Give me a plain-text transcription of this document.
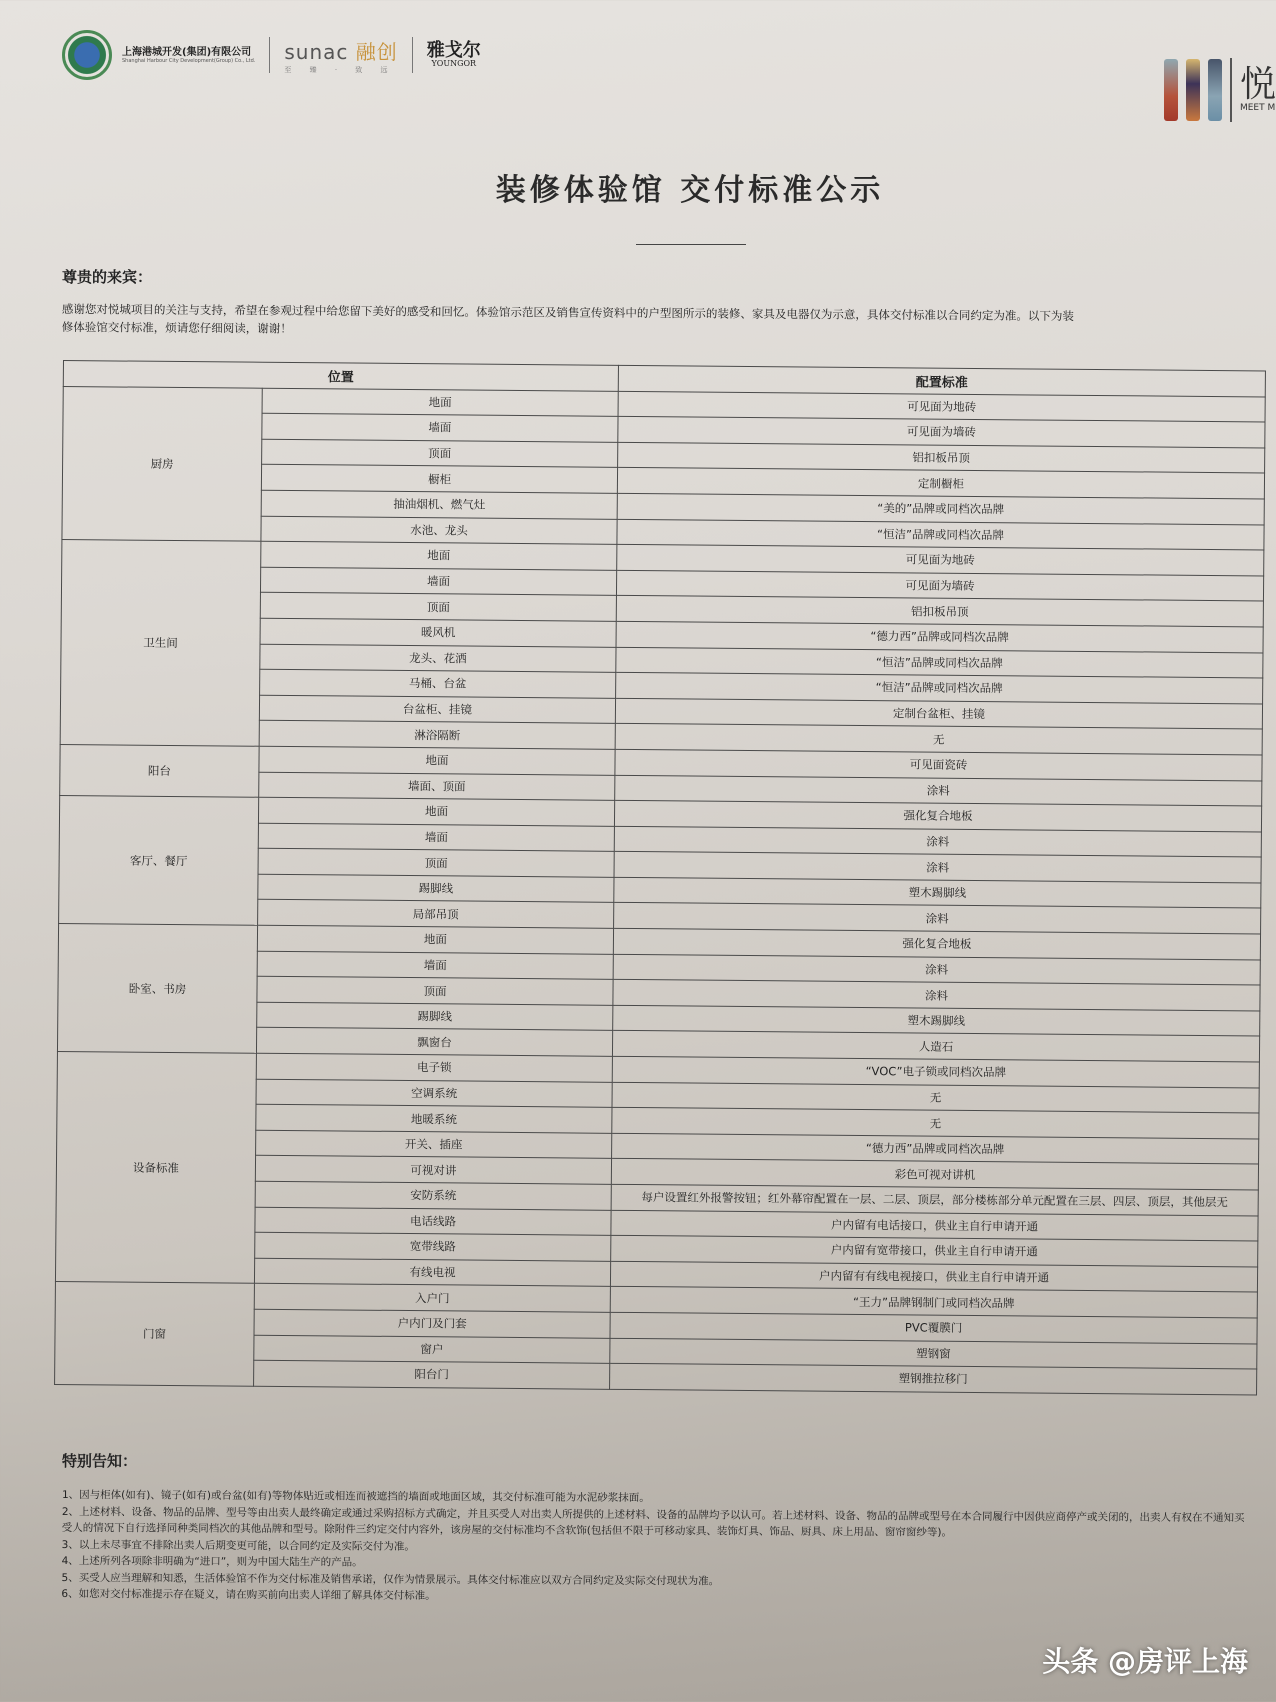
上海港城开发(集团)有限公司
Shanghai Harbour City Development(Group) Co., Ltd. sunac 融创
至 臻 · 致 远
雅戈尔
YOUNGOR
悦
MEET M
装修体验馆 交付标准公示
尊贵的来宾：
感谢您对悦城项目的关注与支持，希望在参观过程中给您留下美好的感受和回忆。体验馆示范区及销售宣传资料中的户型图所示的装修、家具及电器仅为示意，具体交付标准以合同约定为准。以下为装修体验馆交付标准，烦请您仔细阅读，谢谢！
位置		配置标准
厨房	地面	可见面为地砖
	墙面	可见面为墙砖
	顶面	铝扣板吊顶
	橱柜	定制橱柜
	抽油烟机、燃气灶	“美的”品牌或同档次品牌
	水池、龙头	“恒洁”品牌或同档次品牌
卫生间	地面	可见面为地砖
	墙面	可见面为墙砖
	顶面	铝扣板吊顶
	暖风机	“德力西”品牌或同档次品牌
	龙头、花洒	“恒洁”品牌或同档次品牌
	马桶、台盆	“恒洁”品牌或同档次品牌
	台盆柜、挂镜	定制台盆柜、挂镜
	淋浴隔断	无
阳台	地面	可见面瓷砖
	墙面、顶面	涂料
客厅、餐厅	地面	强化复合地板
	墙面	涂料
	顶面	涂料
	踢脚线	塑木踢脚线
	局部吊顶	涂料
卧室、书房	地面	强化复合地板
	墙面	涂料
	顶面	涂料
	踢脚线	塑木踢脚线
	飘窗台	人造石
设备标准	电子锁	“VOC”电子锁或同档次品牌
	空调系统	无
	地暖系统	无
	开关、插座	“德力西”品牌或同档次品牌
	可视对讲	彩色可视对讲机
	安防系统	每户设置红外报警按钮；红外幕帘配置在一层、二层、顶层，部分楼栋部分单元配置在三层、四层、顶层，其他层无
	电话线路	户内留有电话接口，供业主自行申请开通
	宽带线路	户内留有宽带接口，供业主自行申请开通
	有线电视	户内留有有线电视接口，供业主自行申请开通
门窗	入户门	“王力”品牌钢制门或同档次品牌
	户内门及门套	PVC覆膜门
	窗户	塑钢窗
	阳台门	塑钢推拉移门
特别告知：
1、因与柜体(如有)、镜子(如有)或台盆(如有)等物体贴近或相连而被遮挡的墙面或地面区域，其交付标准可能为水泥砂浆抹面。
2、上述材料、设备、物品的品牌、型号等由出卖人最终确定或通过采购招标方式确定，并且买受人对出卖人所提供的上述材料、设备的品牌均予以认可。若上述材料、设备、物品的品牌或型号在本合同履行中因供应商停产或关闭的，出卖人有权在不通知买受人的情况下自行选择同种类同档次的其他品牌和型号。除附件三约定交付内容外，该房屋的交付标准均不含软饰(包括但不限于可移动家具、装饰灯具、饰品、厨具、床上用品、窗帘窗纱等)。
3、以上未尽事宜不排除出卖人后期变更可能，以合同约定及实际交付为准。
4、上述所列各项除非明确为“进口”，则为中国大陆生产的产品。
5、买受人应当理解和知悉，生活体验馆不作为交付标准及销售承诺，仅作为情景展示。具体交付标准应以双方合同约定及实际交付现状为准。
6、如您对交付标准提示存在疑义，请在购买前向出卖人详细了解具体交付标准。
头条 @房评上海
